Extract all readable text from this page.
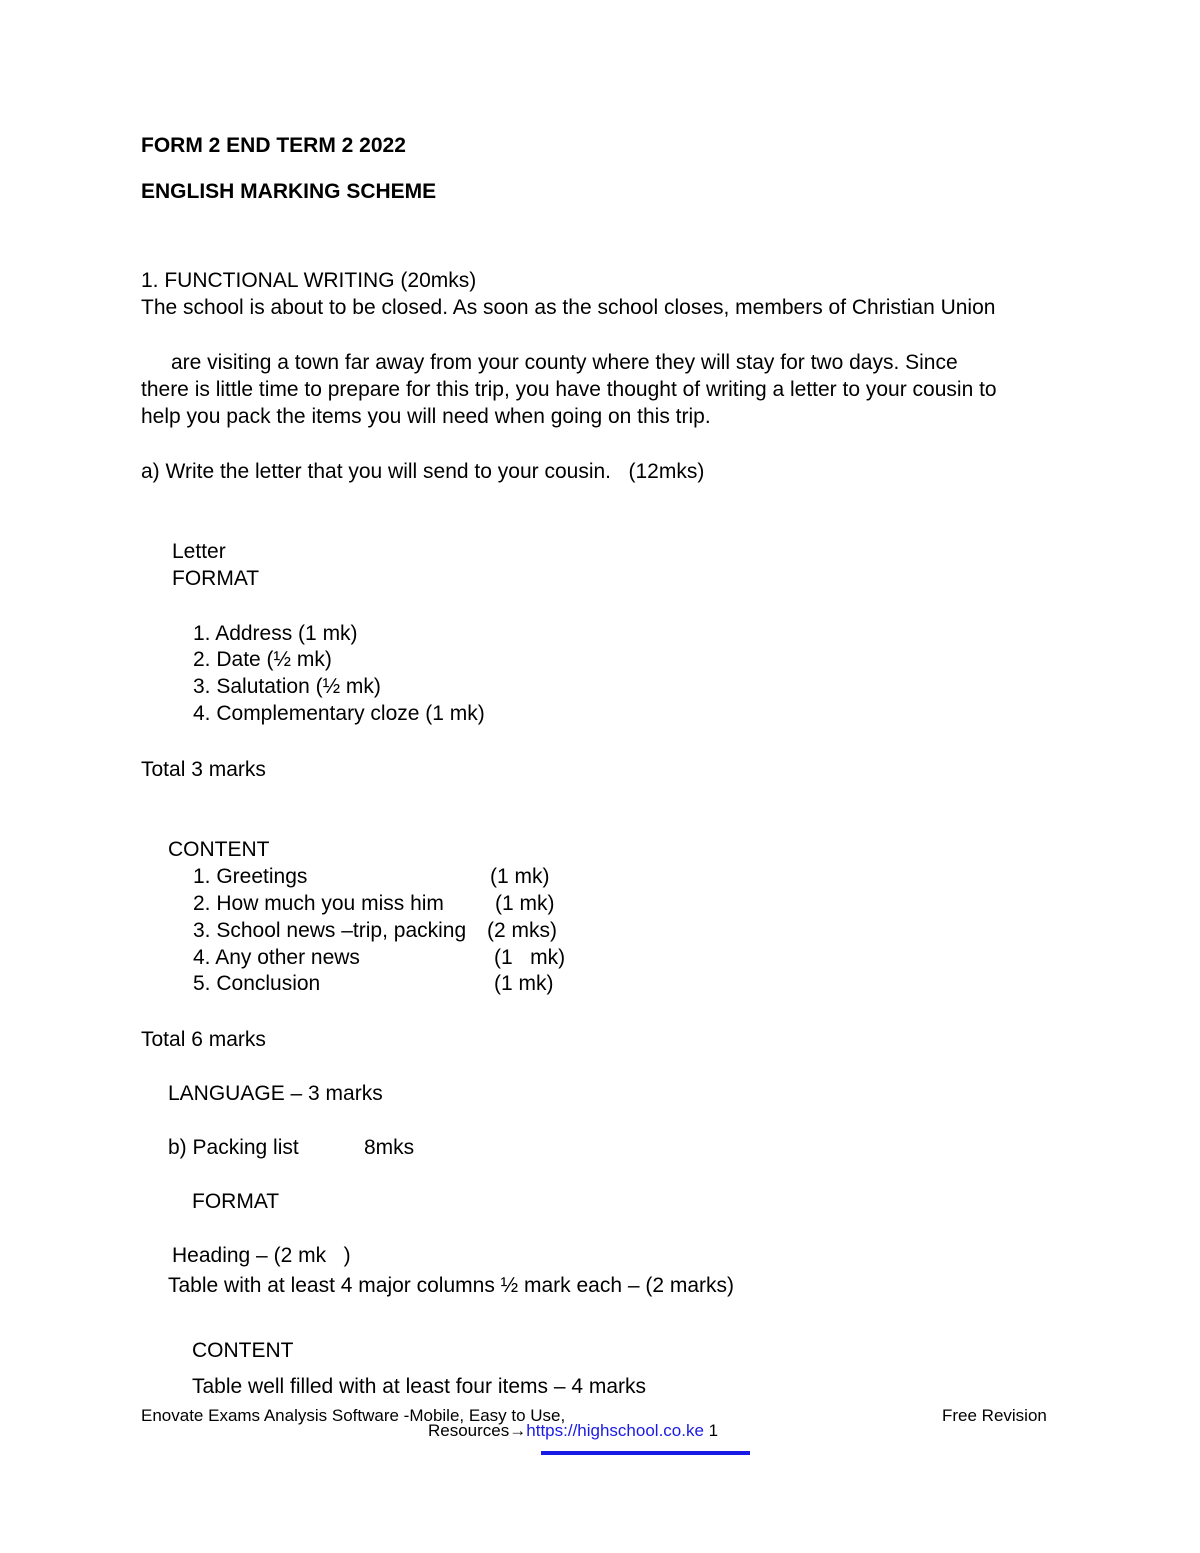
FORM 2 END TERM 2 2022
ENGLISH MARKING SCHEME
1. FUNCTIONAL WRITING (20mks)
The school is about to be closed. As soon as the school closes, members of Christian Union
are visiting a town far away from your county where they will stay for two days. Since
there is little time to prepare for this trip, you have thought of writing a letter to your cousin to
help you pack the items you will need when going on this trip.
a) Write the letter that you will send to your cousin.   (12mks)
Letter
FORMAT
1. Address (1 mk)
2. Date (½ mk)
3. Salutation (½ mk)
4. Complementary cloze (1 mk)
Total 3 marks
CONTENT
1. Greetings	(1 mk)
2. How much you miss him (1 mk)
3. School news –trip, packing (2 mks)
4. Any other news	(1   mk)
5. Conclusion	(1 mk)
Total 6 marks
LANGUAGE – 3 marks
b) Packing list	8mks
FORMAT
Heading – (2 mk   )
Table with at least 4 major columns ½ mark each – (2 marks)
CONTENT
Table well filled with at least four items – 4 marks
Enovate Exams Analysis Software -Mobile, Easy to Use,	Free Revision
Resources→https://highschool.co.ke 1
